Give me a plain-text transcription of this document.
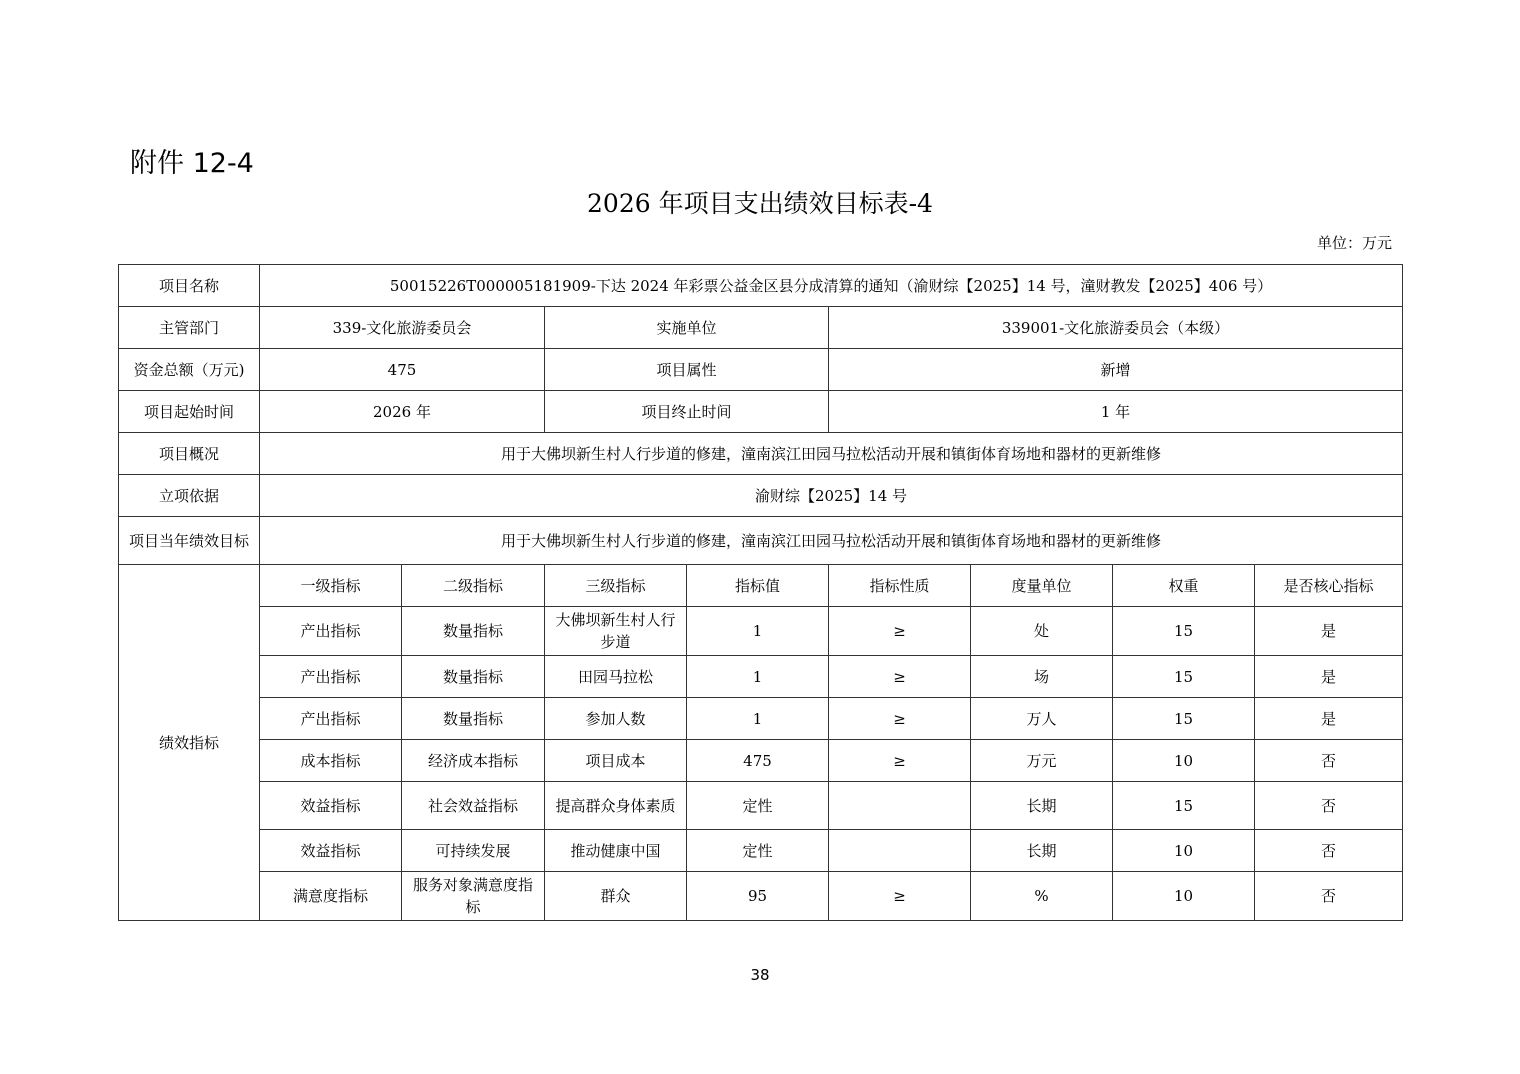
附件 12-4
2026 年项目支出绩效目标表-4
单位：万元
项目名称	50015226T000005181909-下达 2024 年彩票公益金区县分成清算的通知（渝财综【2025】14 号，潼财教发【2025】406 号）							
主管部门	339-文化旅游委员会		实施单位		339001-文化旅游委员会（本级）			
资金总额（万元)	475		项目属性		新增			
项目起始时间	2026 年		项目终止时间		1 年			
项目概况	用于大佛坝新生村人行步道的修建，潼南滨江田园马拉松活动开展和镇街体育场地和器材的更新维修							
立项依据	渝财综【2025】14 号							
项目当年绩效目标	用于大佛坝新生村人行步道的修建，潼南滨江田园马拉松活动开展和镇街体育场地和器材的更新维修							
绩效指标	一级指标	二级指标	三级指标	指标值	指标性质	度量单位	权重	是否核心指标
	产出指标	数量指标	大佛坝新生村人行步道	1	≥	处	15	是
	产出指标	数量指标	田园马拉松	1	≥	场	15	是
	产出指标	数量指标	参加人数	1	≥	万人	15	是
	成本指标	经济成本指标	项目成本	475	≥	万元	10	否
	效益指标	社会效益指标	提高群众身体素质	定性		长期	15	否
	效益指标	可持续发展	推动健康中国	定性		长期	10	否
	满意度指标	服务对象满意度指标	群众	95	≥	%	10	否
38
